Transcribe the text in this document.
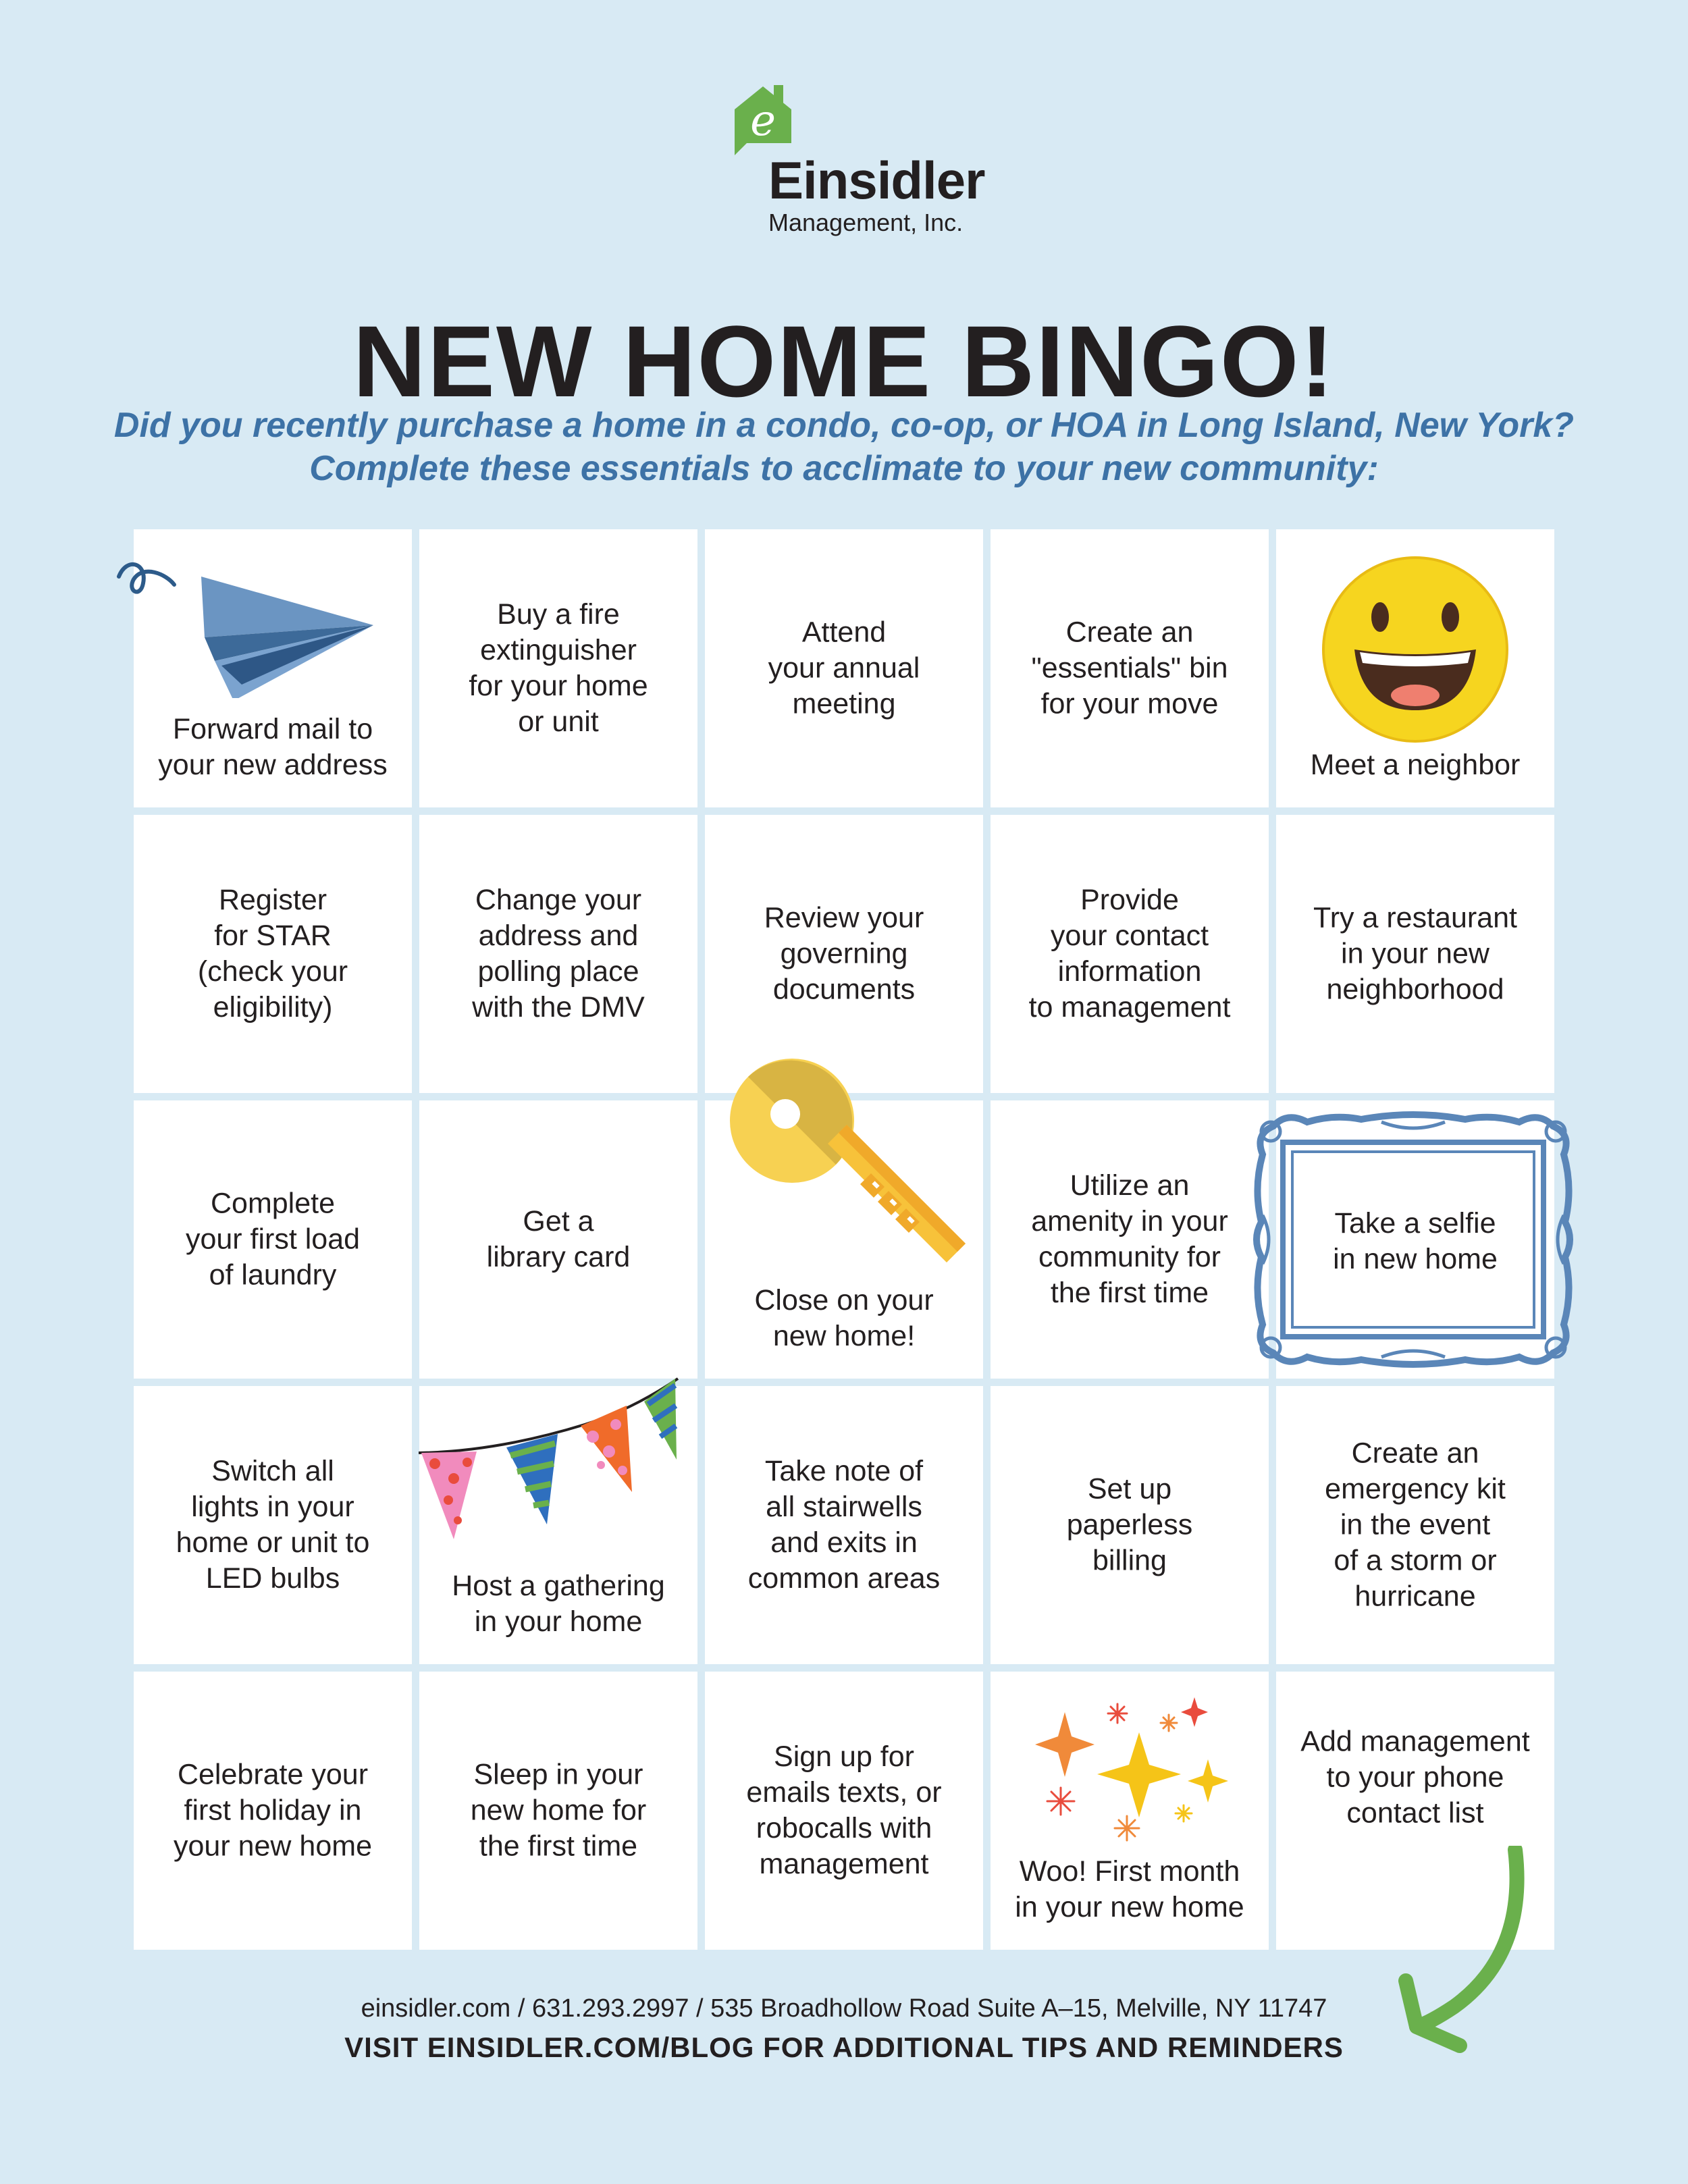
e
Einsidler
Management, Inc.
NEW HOME BINGO!
Did you recently purchase a home in a condo, co-op, or HOA in Long Island, New York?
Complete these essentials to acclimate to your new community:
Forward mail to
your new address
Buy a fire
extinguisher
for your home
or unit
Attend
your annual
meeting
Create an
"essentials" bin
for your move
Meet a neighbor
Register
for STAR
(check your
eligibility)
Change your
address and
polling place
with the DMV
Review your
governing
documents
Provide
your contact
information
to management
Try a restaurant
in your new
neighborhood
Complete
your first load
of laundry
Get a
library card
Close on your
new home!
Utilize an
amenity in your
community for
the first time
Switch all
lights in your
home or unit to
LED bulbs	Host a gathering
in your home
Take note of
all stairwells
and exits in
common areas
Set up
paperless
billing
Create an
emergency kit
in the event
of a storm or
hurricane
Celebrate your
first holiday in
your new home
Sleep in your
new home for
the first time
Sign up for
emails texts, or
robocalls with
management	Woo! First month
in your new home
Add management
to your phone
contact list
Take a selfie
in new home
einsidler.com / 631.293.2997 / 535 Broadhollow Road Suite A–15, Melville, NY 11747
VISIT EINSIDLER.COM/BLOG FOR ADDITIONAL TIPS AND REMINDERS
